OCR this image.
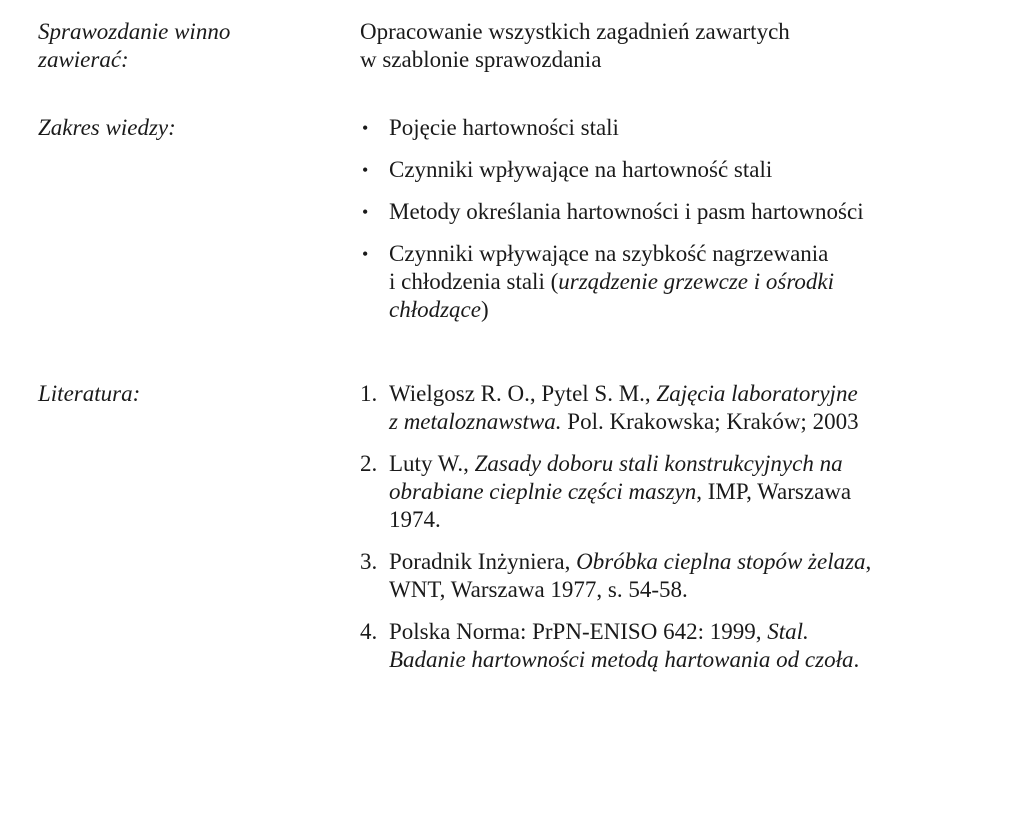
Sprawozdanie winno
zawierać:
Opracowanie wszystkich zagadnień zawartych
w szablonie sprawozdania
Zakres wiedzy:	• Pojęcie hartowności stali
• Czynniki wpływające na hartowność stali
• Metody określania hartowności i pasm hartowności
• Czynniki wpływające na szybkość nagrzewania
i chłodzenia stali (urządzenie grzewcze i ośrodki
chłodzące)
Literatura:	1. Wielgosz R. O., Pytel S. M., Zajęcia laboratoryjne
z metaloznawstwa. Pol. Krakowska; Kraków; 2003
2. Luty W., Zasady doboru stali konstrukcyjnych na
obrabiane cieplnie części maszyn, IMP, Warszawa
1974.
3. Poradnik Inżyniera, Obróbka cieplna stopów żelaza,
WNT, Warszawa 1977, s. 54-58.
4. Polska Norma: PrPN-ENISO 642: 1999, Stal.
Badanie hartowności metodą hartowania od czoła.
